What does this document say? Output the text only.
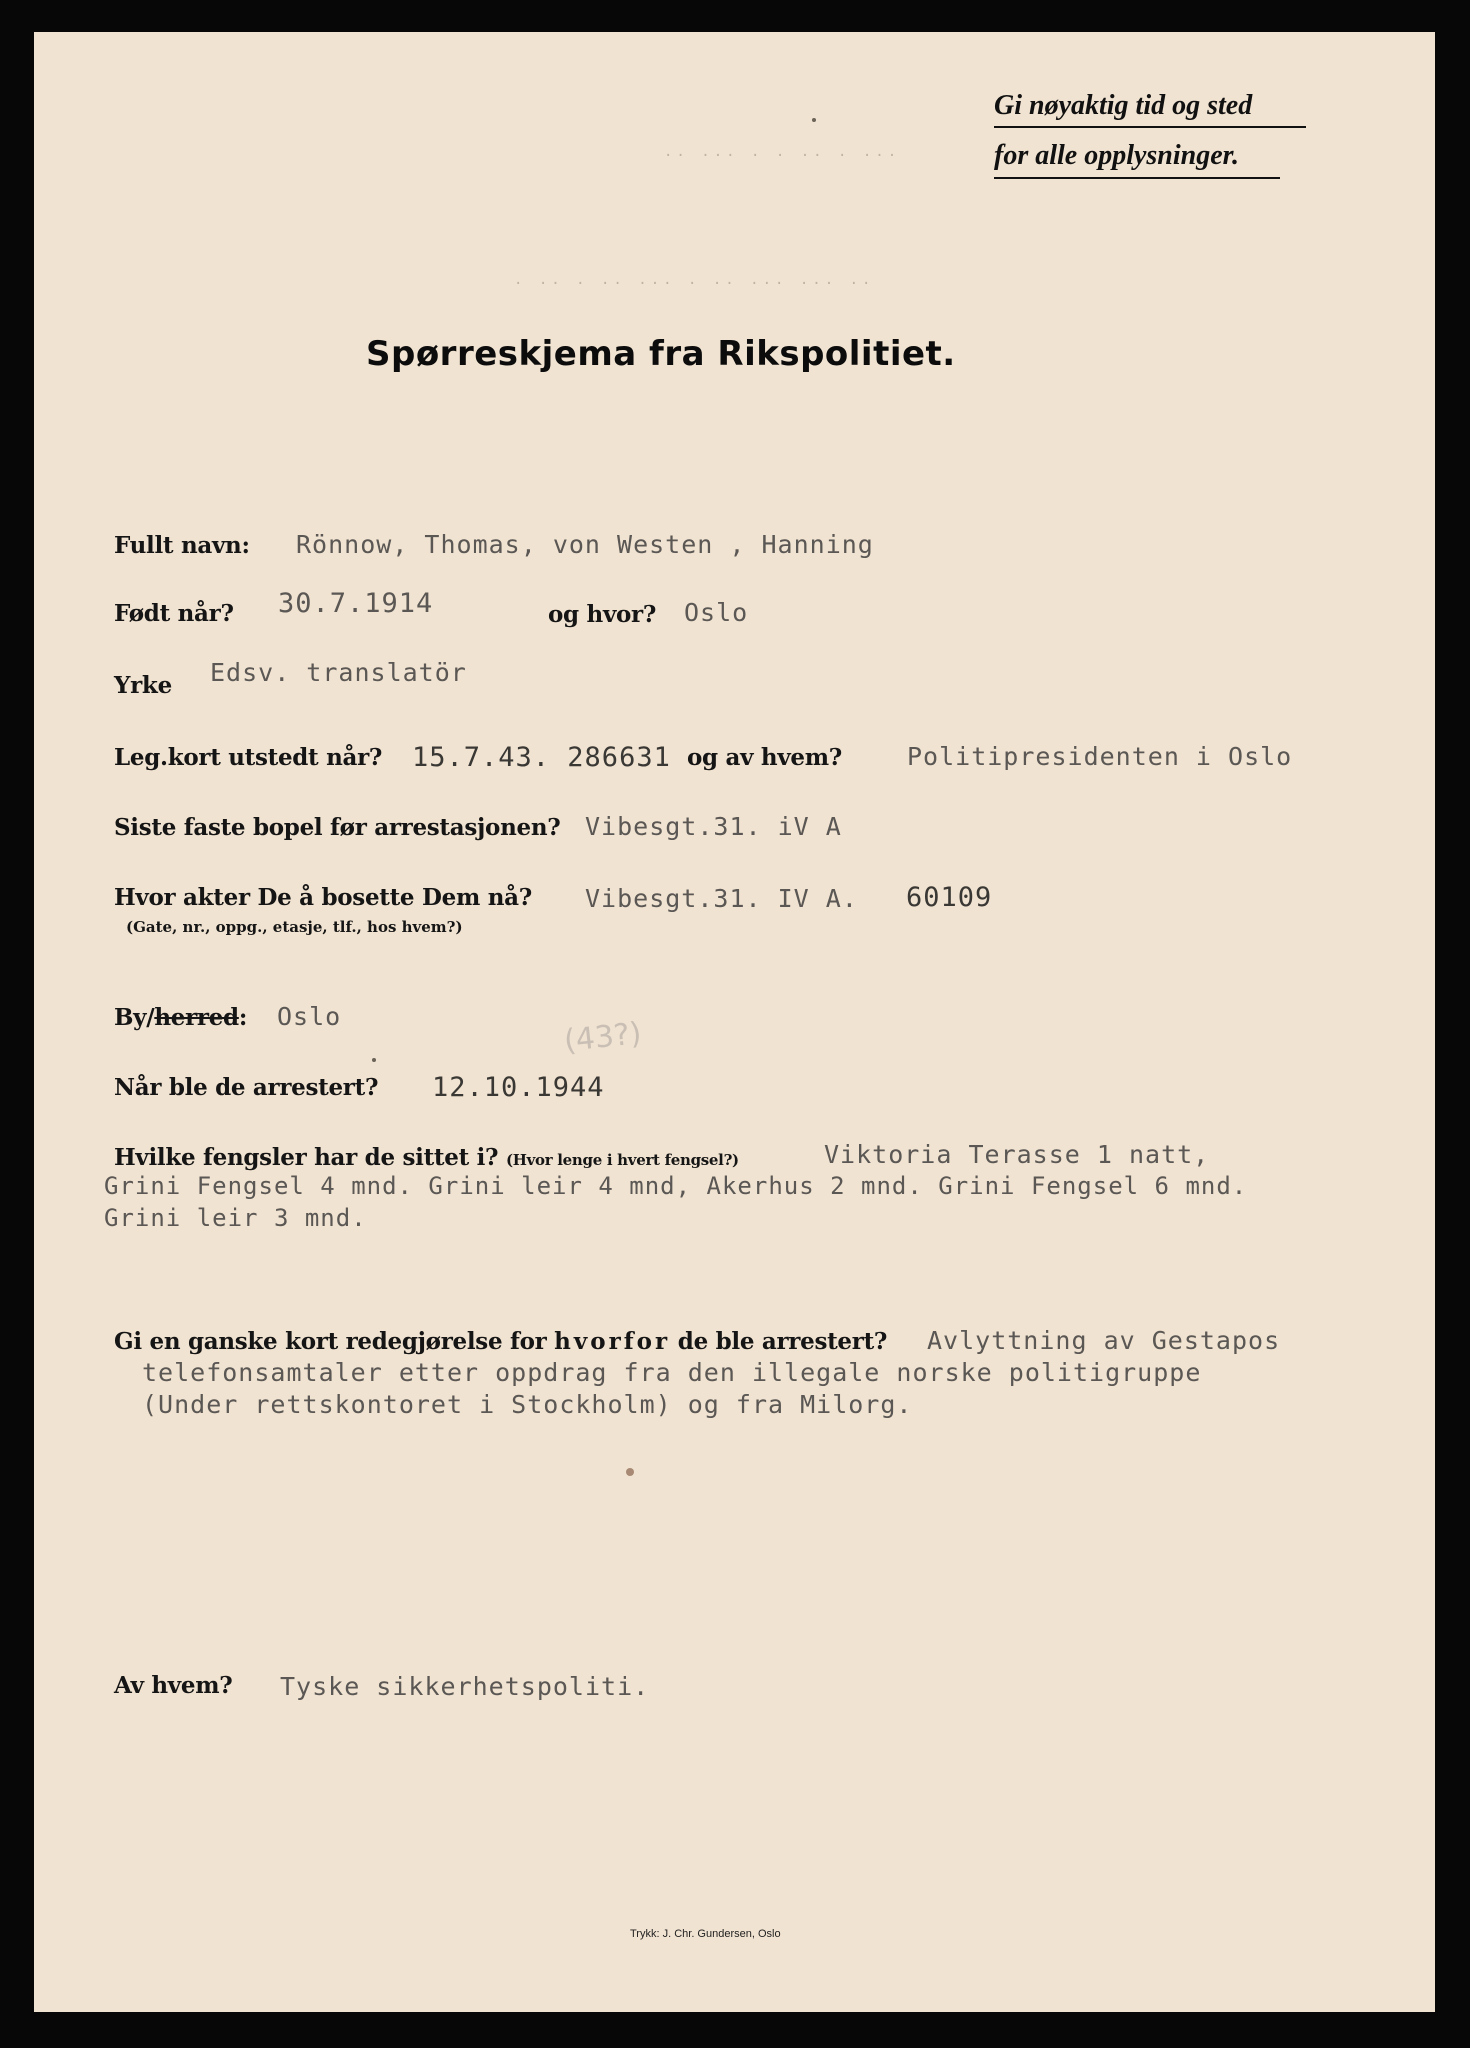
Gi nøyaktig tid og sted
for alle opplysninger.
·· ··· · · ·· · ···
· ·· · ·· ··· · ·· ··· ··· ··
Spørreskjema fra Rikspolitiet.
Fullt navn: Rönnow, Thomas, von Westen , Hanning
Født når? 30.7.1914	og hvor? Oslo
Yrke Edsv. translatör
Leg.kort utstedt når? 15.7.43. 286631 og av hvem?	Politipresidenten i Oslo
Siste faste bopel før arrestasjonen? Vibesgt.31. iV A
Hvor akter De å bosette Dem nå?
(Gate, nr., oppg., etasje, tlf., hos hvem?)
Vibesgt.31. IV A. 60109
By/herred: Oslo	(43?)
Når ble de arrestert? 12.10.1944
Hvilke fengsler har de sittet i? (Hvor lenge i hvert fengsel?)	Viktoria Terasse 1 natt,
Grini Fengsel 4 mnd. Grini leir 4 mnd, Akerhus 2 mnd. Grini Fengsel 6 mnd.
Grini leir 3 mnd.
Gi en ganske kort redegjørelse for hvorfor de ble arrestert? Avlyttning av Gestapos
telefonsamtaler etter oppdrag fra den illegale norske politigruppe
(Under rettskontoret i Stockholm) og fra Milorg.
Av hvem? Tyske sikkerhetspoliti.
Trykk: J. Chr. Gundersen, Oslo
